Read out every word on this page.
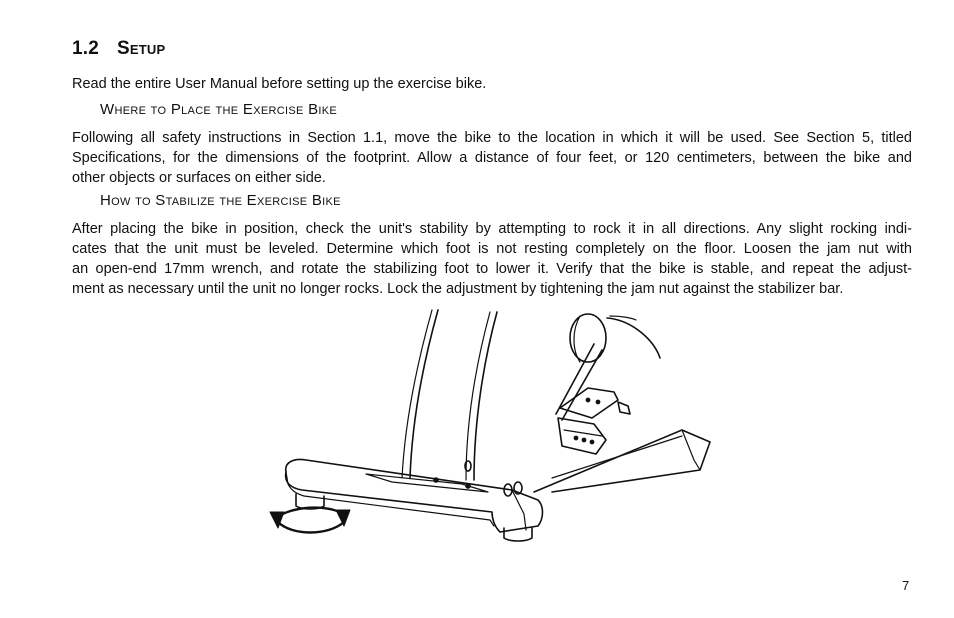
1.2 Setup
Read the entire User Manual before setting up the exercise bike.
Where to Place the Exercise Bike
Following all safety instructions in Section 1.1, move the bike to the location in which it will be used. See Section 5, titled
Specifications, for the dimensions of the footprint. Allow a distance of four feet, or 120 centimeters, between the bike and
other objects or surfaces on either side.
How to Stabilize the Exercise Bike
After placing the bike in position, check the unit's stability by attempting to rock it in all directions. Any slight rocking indi-
cates that the unit must be leveled. Determine which foot is not resting completely on the floor. Loosen the jam nut with
an open-end 17mm wrench, and rotate the stabilizing foot to lower it. Verify that the bike is stable, and repeat the adjust-
ment as necessary until the unit no longer rocks. Lock the adjustment by tightening the jam nut against the stabilizer bar.
7
